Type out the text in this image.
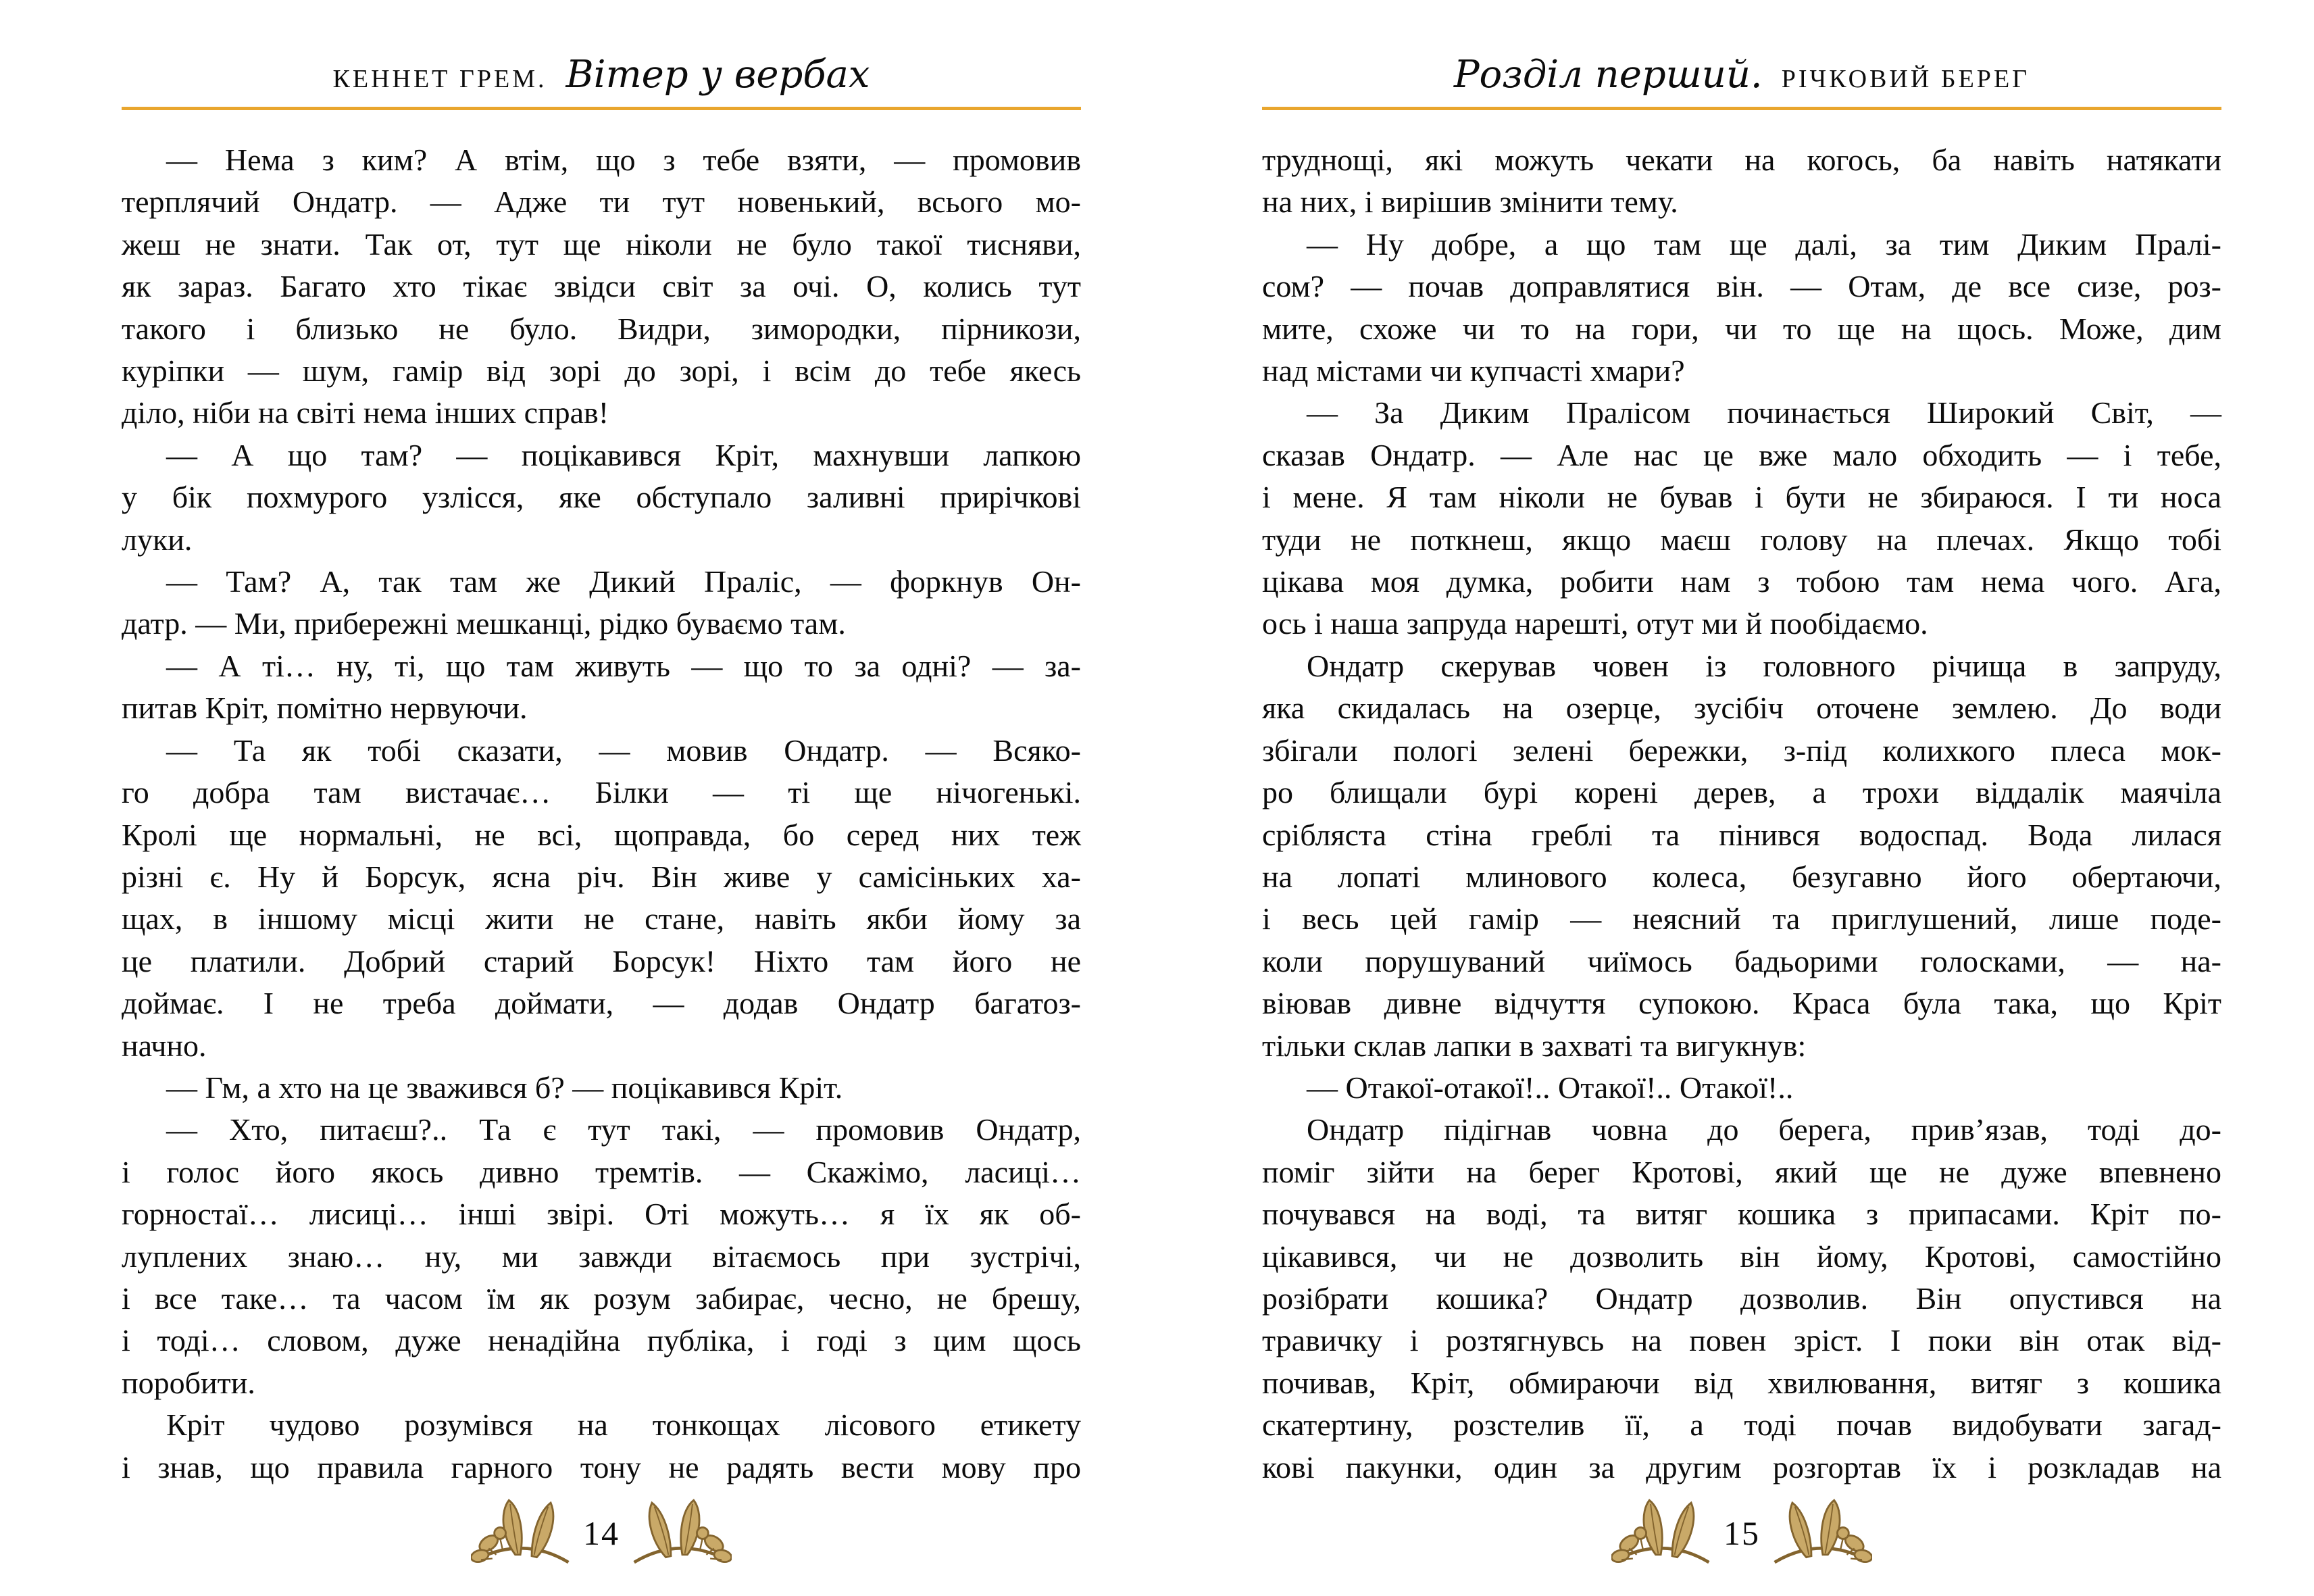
КЕННЕТ ГРЕМ. Вітер у вербах
— Нема з ким? А втім, що з тебе взяти, — промовив
терплячий Ондатр. — Адже ти тут новенький, всього мо-
жеш не знати. Так от, тут ще ніколи не було такої тисняви,
як зараз. Багато хто тікає звідси світ за очі. О, колись тут
такого і близько не було. Видри, зимородки, пірникози,
куріпки — шум, гамір від зорі до зорі, і всім до тебе якесь
діло, ніби на світі нема інших справ!
— А що там? — поцікавився Кріт, махнувши лапкою
у бік похмурого узлісся, яке обступало заливні прирічкові
луки.
— Там? А, так там же Дикий Праліс, — форкнув Он-
датр. — Ми, прибережні мешканці, рідко буваємо там.
— А ті… ну, ті, що там живуть — що то за одні? — за-
питав Кріт, помітно нервуючи.
— Та як тобі сказати, — мовив Ондатр. — Всяко-
го добра там вистачає… Білки — ті ще нічогенькі.
Кролі ще нормальні, не всі, щоправда, бо серед них теж
різні є. Ну й Борсук, ясна річ. Він живе у самісіньких ха-
щах, в іншому місці жити не стане, навіть якби йому за
це платили. Добрий старий Борсук! Ніхто там його не
доймає. І не треба доймати, — додав Ондатр багатоз-
начно.
— Гм, а хто на це зважився б? — поцікавився Кріт.
— Хто, питаєш?.. Та є тут такі, — промовив Ондатр,
і голос його якось дивно тремтів. — Скажімо, ласиці…
горностаї… лисиці… інші звірі. Оті можуть… я їх як об-
луплених знаю… ну, ми завжди вітаємось при зустрічі,
і все таке… та часом їм як розум забирає, чесно, не брешу,
і тоді… словом, дуже ненадійна публіка, і годі з цим щось
поробити.
Кріт чудово розумівся на тонкощах лісового етикету
і знав, що правила гарного тону не радять вести мову про
14
Розділ перший. РІЧКОВИЙ БЕРЕГ
труднощі, які можуть чекати на когось, ба навіть натякати
на них, і вирішив змінити тему.
— Ну добре, а що там ще далі, за тим Диким Пралі-
сом? — почав доправлятися він. — Отам, де все сизе, роз-
мите, схоже чи то на гори, чи то ще на щось. Може, дим
над містами чи купчасті хмари?
— За Диким Пралісом починається Широкий Світ, —
сказав Ондатр. — Але нас це вже мало обходить — і тебе,
і мене. Я там ніколи не бував і бути не збираюся. І ти носа
туди не поткнеш, якщо маєш голову на плечах. Якщо тобі
цікава моя думка, робити нам з тобою там нема чого. Ага,
ось і наша запруда нарешті, отут ми й пообідаємо.
Ондатр скерував човен із головного річища в запруду,
яка скидалась на озерце, зусібіч оточене землею. До води
збігали пологі зелені бережки, з-під колихкого плеса мок-
ро блищали бурі корені дерев, а трохи віддалік маячіла
срібляста стіна греблі та пінився водоспад. Вода лилася
на лопаті млинового колеса, безугавно його обертаючи,
і весь цей гамір — неясний та приглушений, лише поде-
коли порушуваний чиїмось бадьорими голосками, — на-
віював дивне відчуття супокою. Краса була така, що Кріт
тільки склав лапки в захваті та вигукнув:
— Отакої-отакої!.. Отакої!.. Отакої!..
Ондатр підігнав човна до берега, прив’язав, тоді до-
поміг зійти на берег Кротові, який ще не дуже впевнено
почувався на воді, та витяг кошика з припасами. Кріт по-
цікавився, чи не дозволить він йому, Кротові, самостійно
розібрати кошика? Ондатр дозволив. Він опустився на
травичку і розтягнувсь на повен зріст. І поки він отак від-
почивав, Кріт, обмираючи від хвилювання, витяг з кошика
скатертину, розстелив її, а тоді почав видобувати загад-
кові пакунки, один за другим розгортав їх і розкладав на
15
